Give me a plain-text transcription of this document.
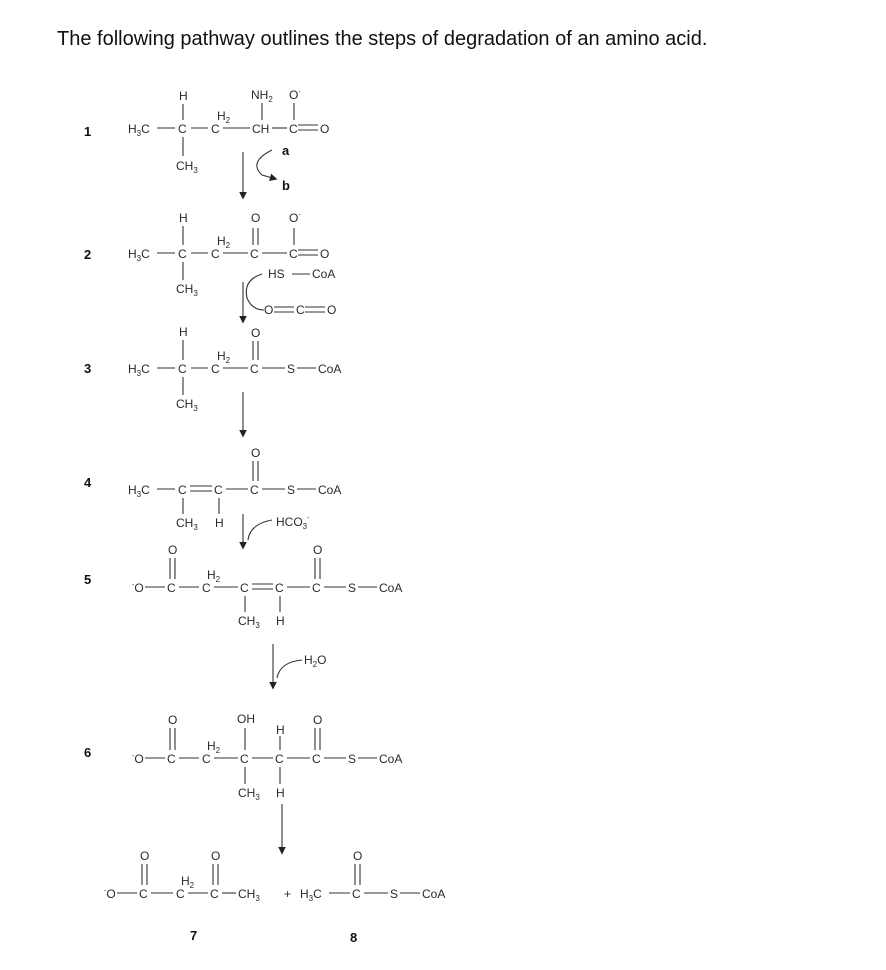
The following pathway outlines the steps of degradation of an amino acid.
1
2
3
4
5
6
7	8
$H_3C$ C
H
$CH_3$
$H_2$
C	CH
$NH_2$
C
O-
O
a
b
$H_3C$ C
H
$CH_3$
$H_2$
C	C
O
C
O-
O
HS CoA
O C O
$H_3C$ C
H
$CH_3$
$H_2$
C	C
O
S CoA
$H_3C$ C
$CH_3$
C
H
C
O
S CoA
$HCO_3^-$
-O C
O
$H_2$
C C
$CH_3$
C
H
C
O
S CoA
$H_2O$
-O C
O
$H_2$
C C
OH
$CH_3$
C
H
H
C
O
S CoA
-O C
O
$H_2$
C C
O
$CH_3 + H_3C$	C
O
S CoA
